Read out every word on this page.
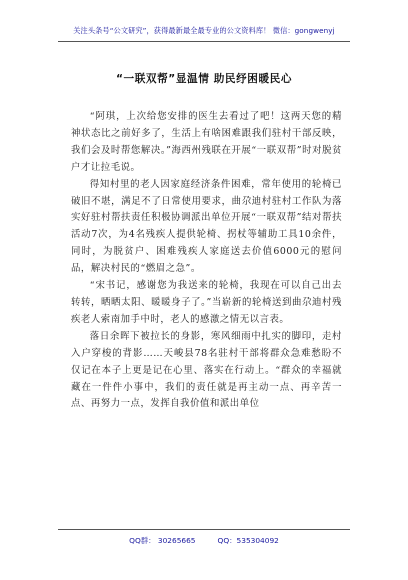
关注头条号“公文研究”，获得最新最全最专业的公文资料库！ 微信：gongwenyj
“一联双帮”显温情 助民纾困暖民心

“阿琪，上次给您安排的医生去看过了吧！这两天您的精神状态比之前好多了，生活上有啥困难跟我们驻村干部反映，我们会及时帮您解决。”海西州残联在开展“一联双帮”时对脱贫户才让拉毛说。

得知村里的老人因家庭经济条件困难，常年使用的轮椅已破旧不堪，满足不了日常使用要求，曲尕迪村驻村工作队为落实好驻村帮扶责任积极协调派出单位开展“一联双帮”结对帮扶活动7次，为4名残疾人提供轮椅、拐杖等辅助工具10余件，同时，为脱贫户、困难残疾人家庭送去价值6000元的慰问品，解决村民的“燃眉之急”。

“宋书记，感谢您为我送来的轮椅，我现在可以自己出去转转，晒晒太阳、暖暖身子了。”当崭新的轮椅送到曲尕迪村残疾老人索南加手中时，老人的感激之情无以言表。

落日余晖下被拉长的身影，寒风细雨中扎实的脚印，走村入户穿梭的背影……天峻县78名驻村干部将群众急难愁盼不仅记在本子上更是记在心里、落实在行动上。“群众的幸福就藏在一件件小事中，我们的责任就是再主动一点、再辛苦一点、再努力一点，发挥自我价值和派出单位

QQ群： 30265665	QQ：535304092
